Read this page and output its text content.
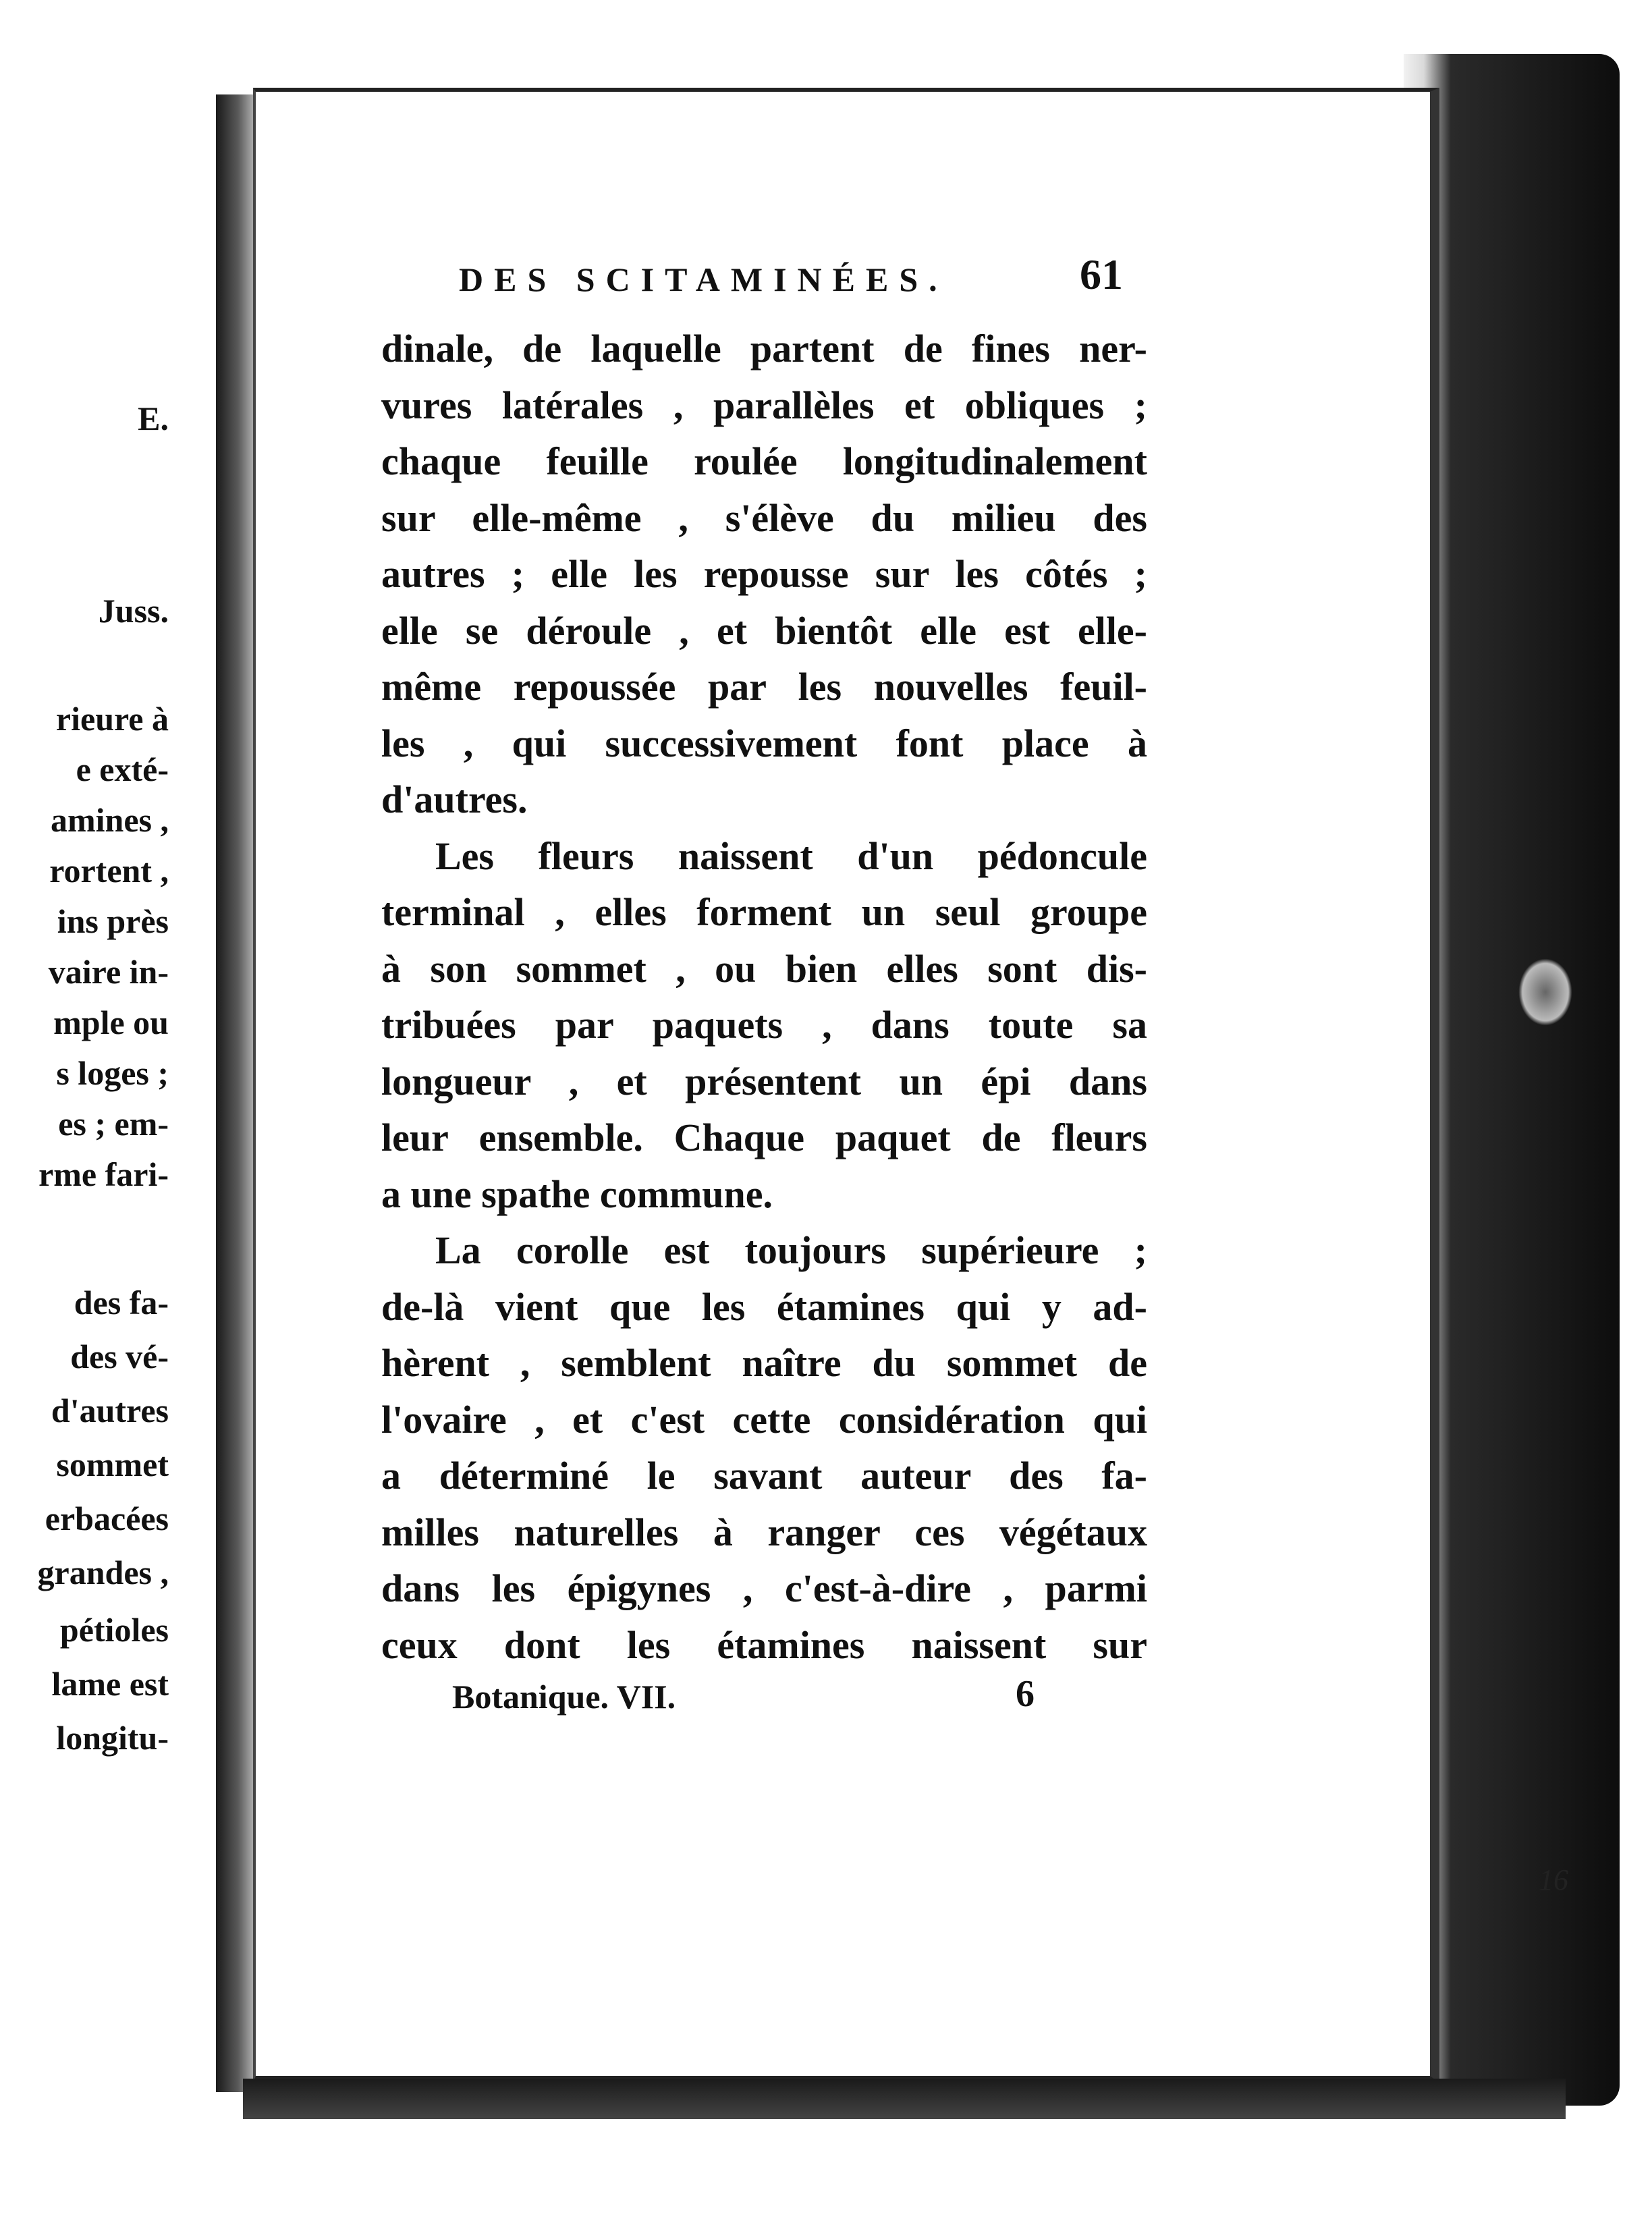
E.
Juss.
rieure à
e exté-
amines ,
rortent ,
ins près
vaire in-
mple ou
s loges ;
es ; em-
rme fari-
des fa-
des vé-
d'autres
sommet
erbacées
grandes ,
pétioles
lame est
longitu-
DES SCITAMINÉES.	61
dinale, de laquelle partent de fines ner-
vures latérales , parallèles et obliques ;
chaque feuille roulée longitudinalement
sur elle-même , s'élève du milieu des
autres ; elle les repousse sur les côtés ;
elle se déroule , et bientôt elle est elle-
même repoussée par les nouvelles feuil-
les , qui successivement font place à
d'autres.
Les fleurs naissent d'un pédoncule
terminal , elles forment un seul groupe
à son sommet , ou bien elles sont dis-
tribuées par paquets , dans toute sa
longueur , et présentent un épi dans
leur ensemble. Chaque paquet de fleurs
a une spathe commune.
La corolle est toujours supérieure ;
de-là vient que les étamines qui y ad-
hèrent , semblent naître du sommet de
l'ovaire , et c'est cette considération qui
a déterminé le savant auteur des fa-
milles naturelles à ranger ces végétaux
dans les épigynes , c'est-à-dire , parmi
ceux dont les étamines naissent sur
Botanique. VII.	6
16
